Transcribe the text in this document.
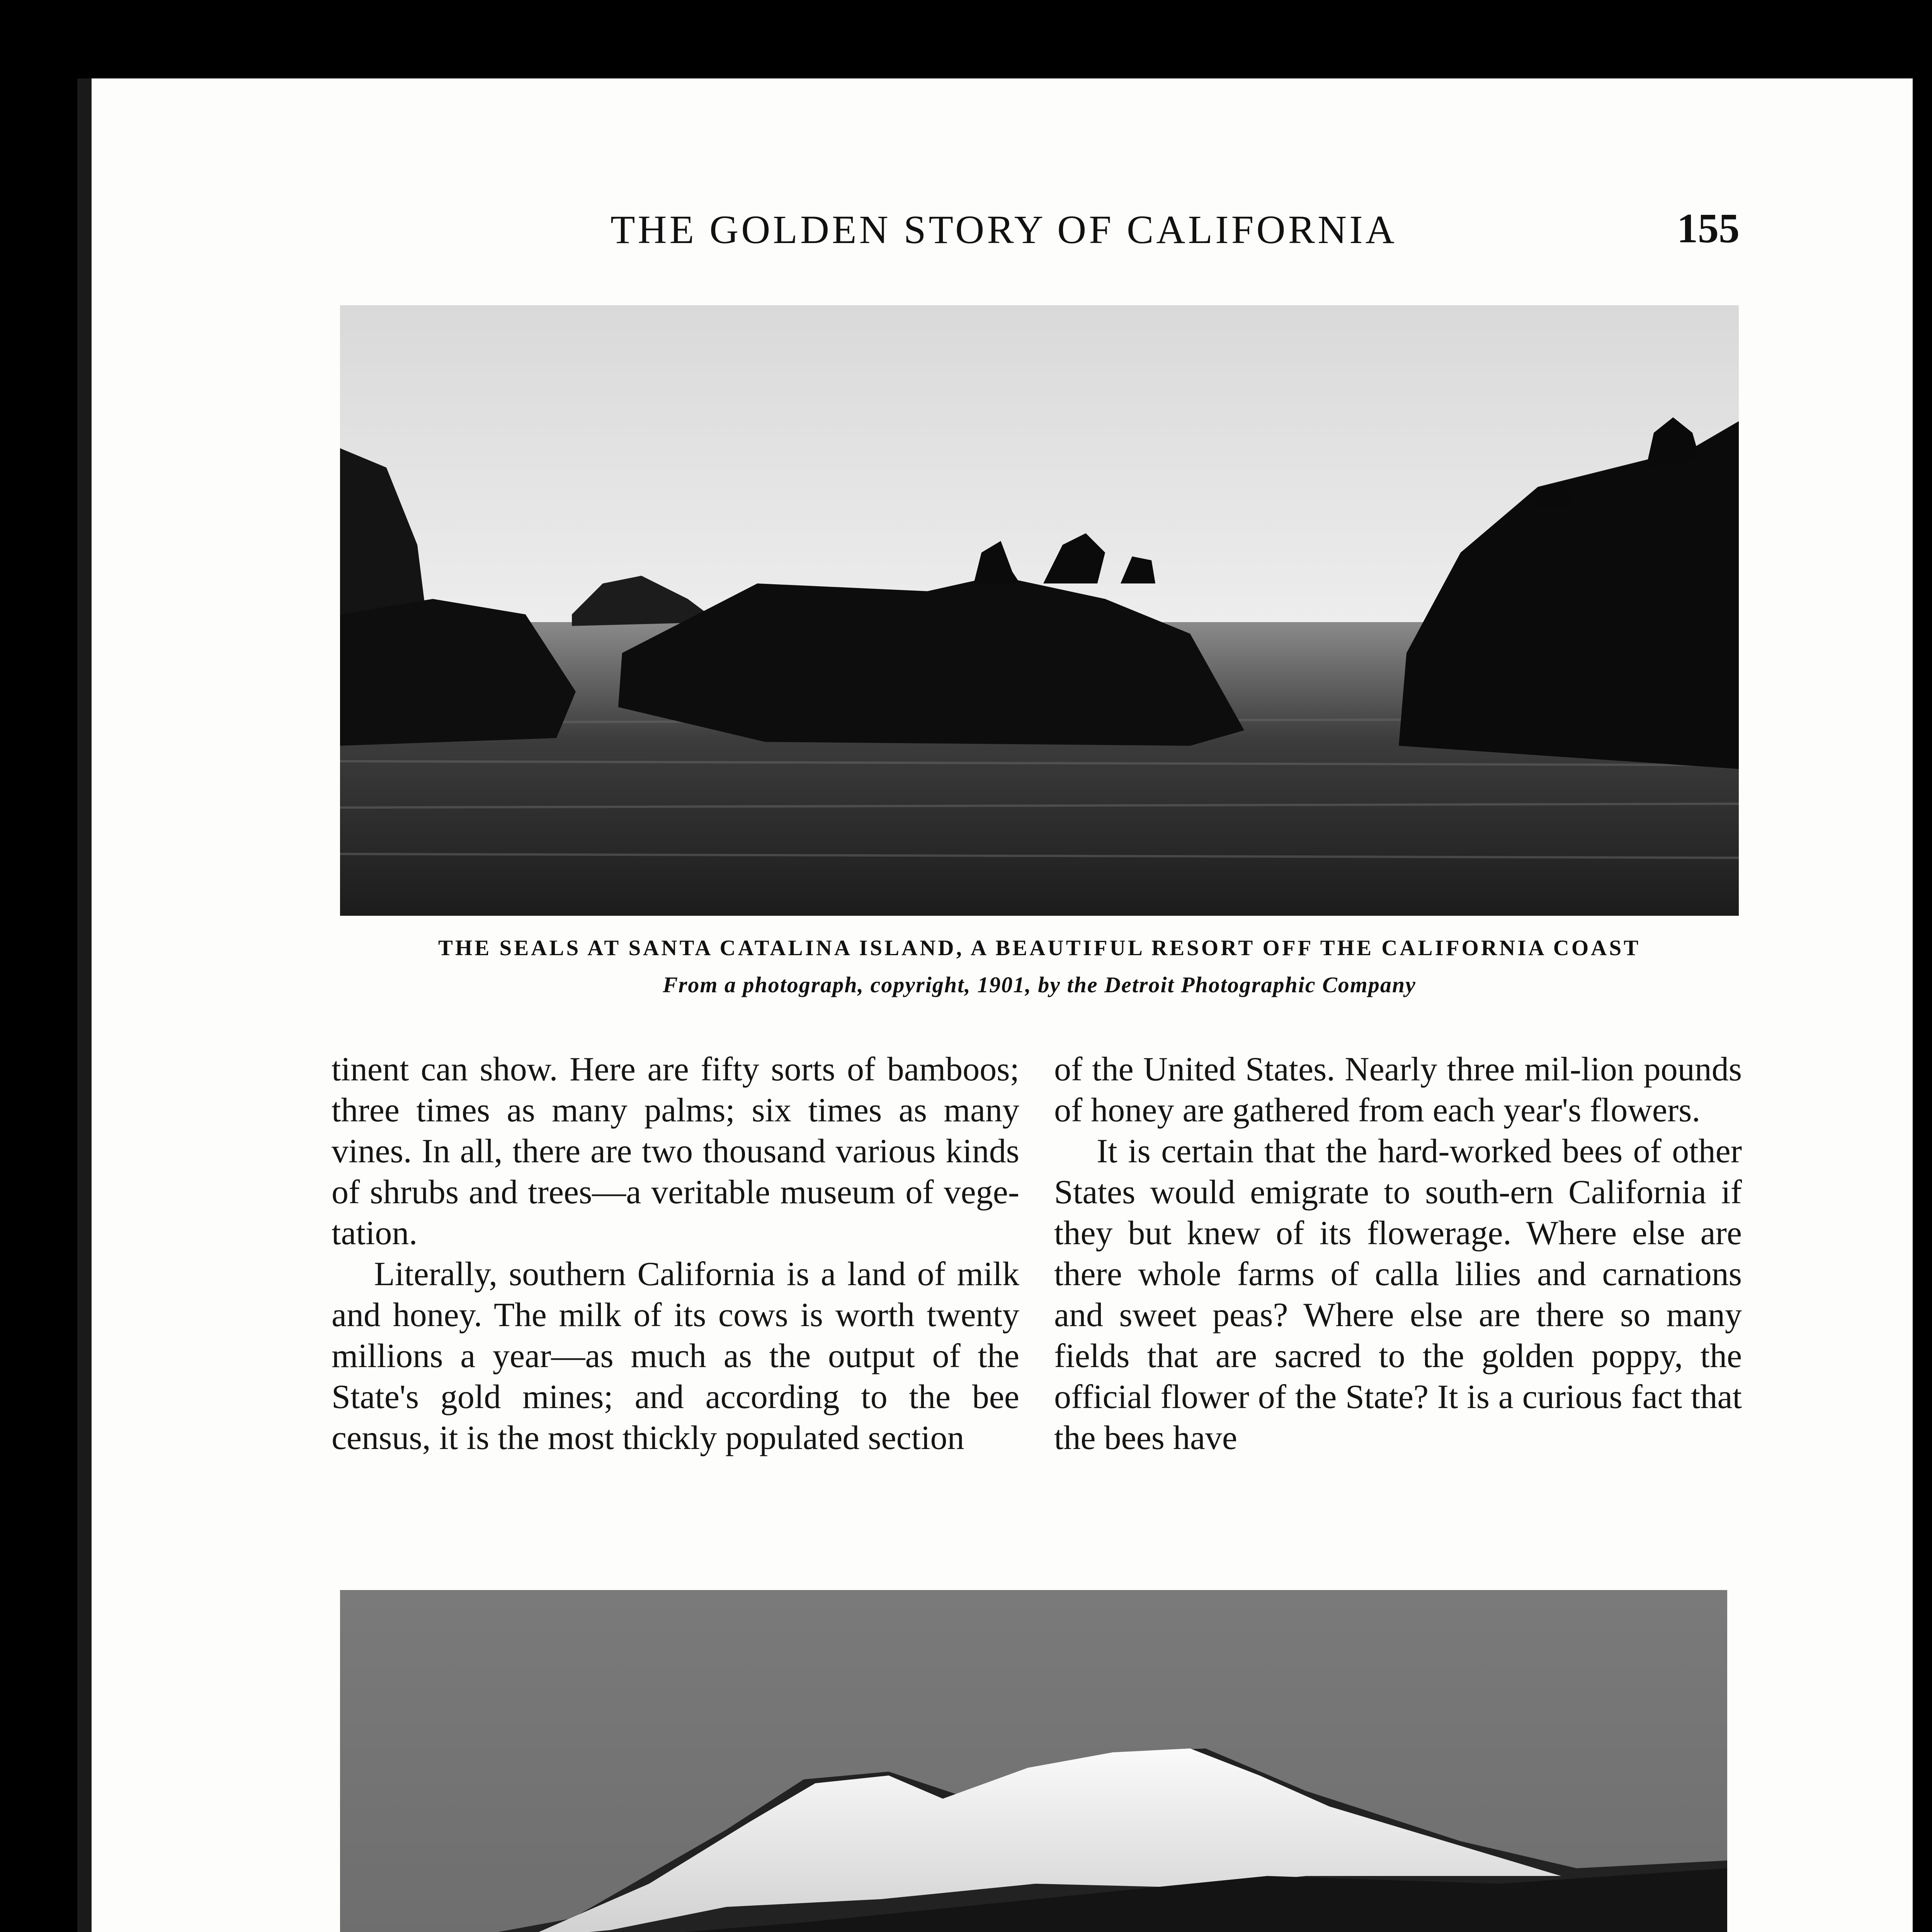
THE GOLDEN STORY OF CALIFORNIA	155
THE SEALS AT SANTA CATALINA ISLAND, A BEAUTIFUL RESORT OFF THE CALIFORNIA COAST
From a photograph, copyright, 1901, by the Detroit Photographic Company

tinent can show. Here are fifty sorts of bamboos; three times as many palms; six times as many vines. In all, there are two thousand various kinds of shrubs and trees—a veritable museum of vege-tation.

Literally, southern California is a land of milk and honey. The milk of its cows is worth twenty millions a year—as much as the output of the State's gold mines; and according to the bee census, it is the most thickly populated section

of the United States. Nearly three mil-lion pounds of honey are gathered from each year's flowers.

It is certain that the hard-worked bees of other States would emigrate to south-ern California if they but knew of its flowerage. Where else are there whole farms of calla lilies and carnations and sweet peas? Where else are there so many fields that are sacred to the golden poppy, the official flower of the State? It is a curious fact that the bees have
